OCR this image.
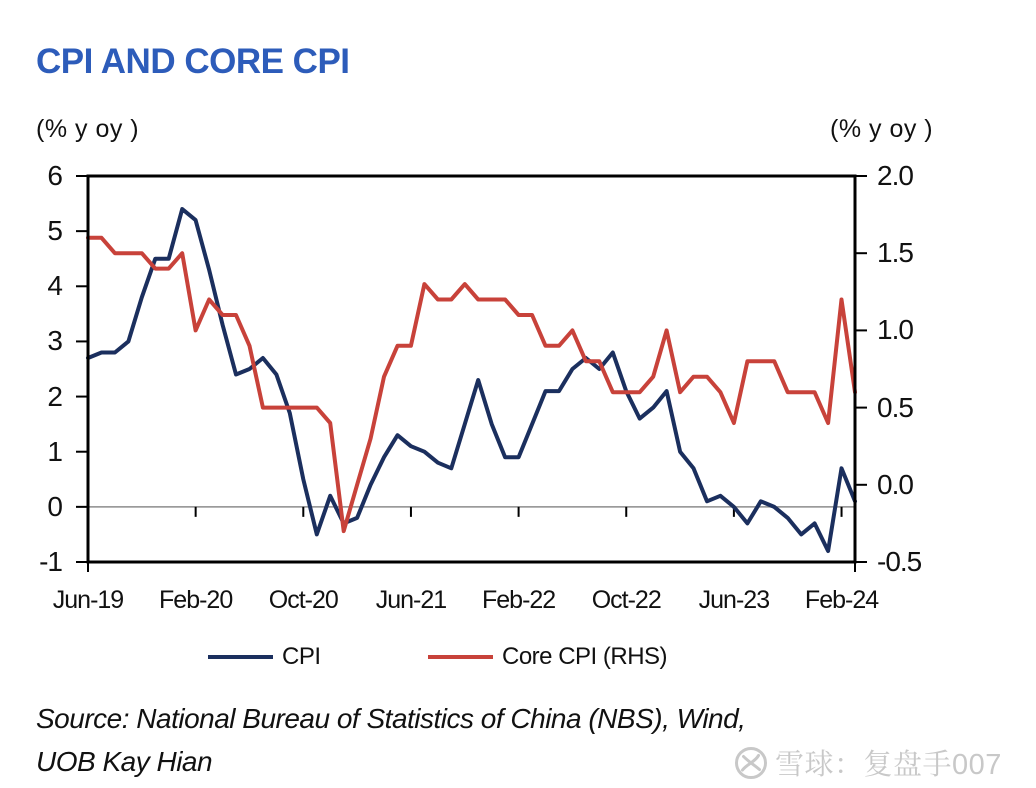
CPI AND CORE CPI
(% y oy )	(% y oy )
6
5
4
3
2
1
0
-1
2.0
1.5
1.0
0.5
0.0
-0.5
Jun-19	Feb-20	Oct-20	Jun-21	Feb-22	Oct-22	Jun-23	Feb-24
CPI	Core CPI (RHS)
Source: National Bureau of Statistics of China (NBS), Wind,
UOB Kay Hian	雪球：复盘手007
